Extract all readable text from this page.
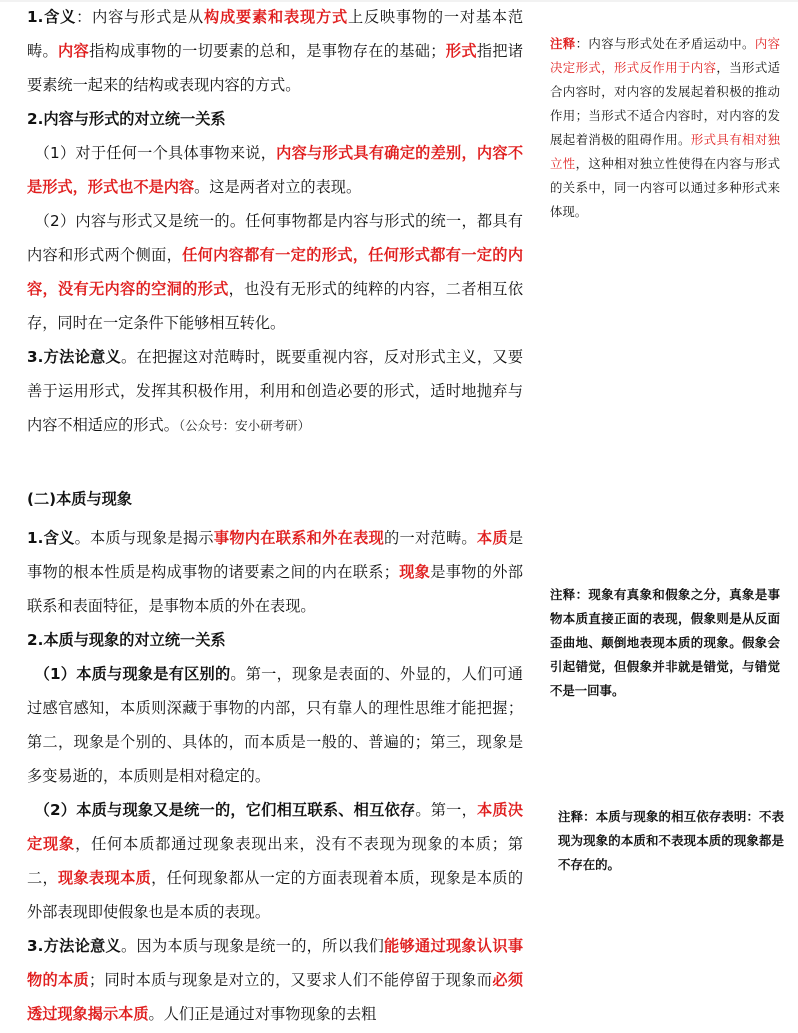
1.含义：内容与形式是从构成要素和表现方式上反映事物的一对基本范畴。内容指构成事物的一切要素的总和，是事物存在的基础；形式指把诸要素统一起来的结构或表现内容的方式。

2.内容与形式的对立统一关系

（1）对于任何一个具体事物来说，内容与形式具有确定的差别，内容不是形式，形式也不是内容。这是两者对立的表现。

（2）内容与形式又是统一的。任何事物都是内容与形式的统一，都具有内容和形式两个侧面，任何内容都有一定的形式，任何形式都有一定的内容，没有无内容的空洞的形式，也没有无形式的纯粹的内容，二者相互依存，同时在一定条件下能够相互转化。

3.方法论意义。在把握这对范畴时，既要重视内容，反对形式主义，又要善于运用形式，发挥其积极作用，利用和创造必要的形式，适时地抛弃与内容不相适应的形式。（公众号：安小研考研）

(二)本质与现象

1.含义。本质与现象是揭示事物内在联系和外在表现的一对范畴。本质是事物的根本性质是构成事物的诸要素之间的内在联系；现象是事物的外部联系和表面特征，是事物本质的外在表现。

2.本质与现象的对立统一关系

（1）本质与现象是有区别的。第一，现象是表面的、外显的，人们可通过感官感知，本质则深藏于事物的内部，只有靠人的理性思维才能把握；第二，现象是个别的、具体的，而本质是一般的、普遍的；第三，现象是多变易逝的，本质则是相对稳定的。

（2）本质与现象又是统一的，它们相互联系、相互依存。第一，本质决定现象，任何本质都通过现象表现出来，没有不表现为现象的本质；第二，现象表现本质，任何现象都从一定的方面表现着本质，现象是本质的外部表现即使假象也是本质的表现。

3.方法论意义。因为本质与现象是统一的，所以我们能够通过现象认识事物的本质；同时本质与现象是对立的，又要求人们不能停留于现象而必须透过现象揭示本质。人们正是通过对事物现象的去粗

注释：内容与形式处在矛盾运动中。内容决定形式，形式反作用于内容，当形式适合内容时，对内容的发展起着积极的推动作用；当形式不适合内容时，对内容的发展起着消极的阻碍作用。形式具有相对独立性，这种相对独立性使得在内容与形式的关系中，同一内容可以通过多种形式来体现。

注释：现象有真象和假象之分，真象是事物本质直接正面的表现，假象则是从反面歪曲地、颠倒地表现本质的现象。假象会引起错觉，但假象并非就是错觉，与错觉不是一回事。

注释：本质与现象的相互依存表明：不表现为现象的本质和不表现本质的现象都是不存在的。
